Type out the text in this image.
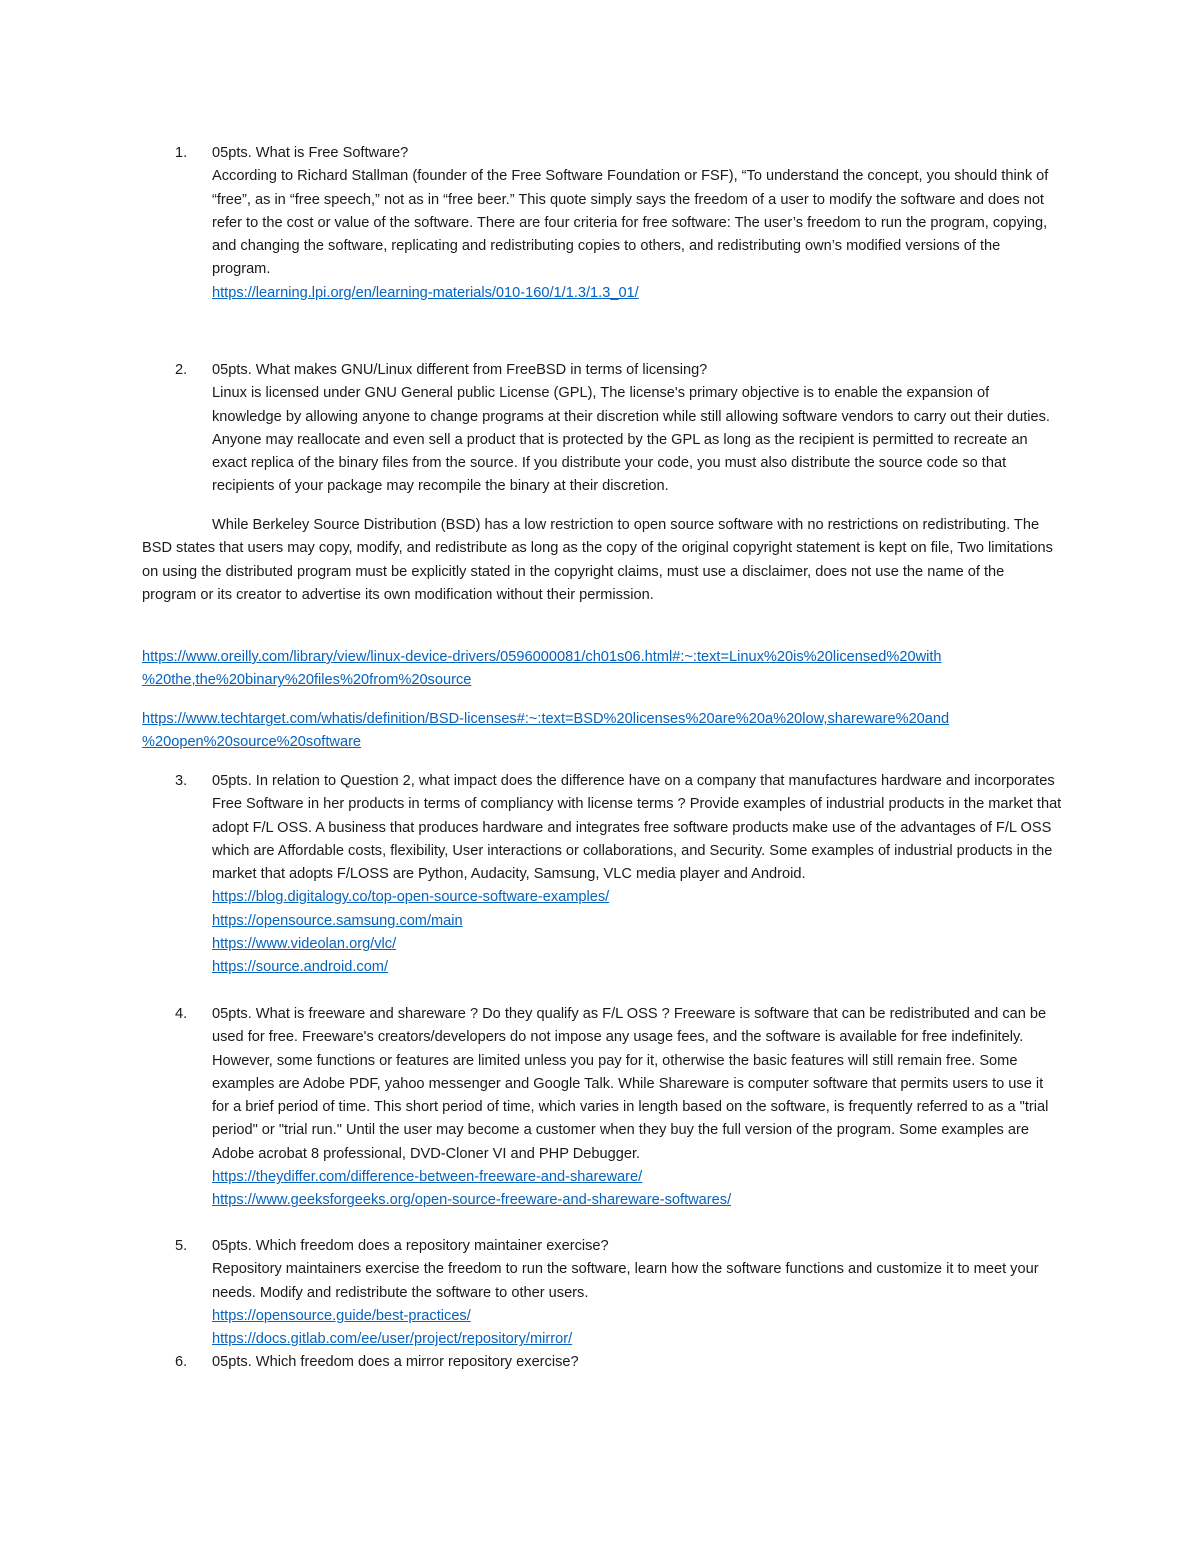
1. 05pts. What is Free Software?

According to Richard Stallman (founder of the Free Software Foundation or FSF), “To understand the concept, you should think of “free”, as in “free speech,” not as in “free beer.” This quote simply says the freedom of a user to modify the software and does not refer to the cost or value of the software. There are four criteria for free software: The user’s freedom to run the program, copying, and changing the software, replicating and redistributing copies to others, and redistributing own’s modified versions of the program.

https://learning.lpi.org/en/learning-materials/010-160/1/1.3/1.3_01/
2. 05pts. What makes GNU/Linux different from FreeBSD in terms of licensing?

Linux is licensed under GNU General public License (GPL), The license's primary objective is to enable the expansion of knowledge by allowing anyone to change programs at their discretion while still allowing software vendors to carry out their duties. Anyone may reallocate and even sell a product that is protected by the GPL as long as the recipient is permitted to recreate an exact replica of the binary files from the source. If you distribute your code, you must also distribute the source code so that recipients of your package may recompile the binary at their discretion.

While Berkeley Source Distribution (BSD) has a low restriction to open source software with no restrictions on redistributing. The BSD states that users may copy, modify, and redistribute as long as the copy of the original copyright statement is kept on file, Two limitations on using the distributed program must be explicitly stated in the copyright claims, must use a disclaimer, does not use the name of the program or its creator to advertise its own modification without their permission.

https://www.oreilly.com/library/view/linux-device-drivers/0596000081/ch01s06.html#:~:text=Linux%20is%20licensed%20with
%20the,the%20binary%20files%20from%20source
https://www.techtarget.com/whatis/definition/BSD-licenses#:~:text=BSD%20licenses%20are%20a%20low,shareware%20and
%20open%20source%20software
3. 05pts. In relation to Question 2, what impact does the difference have on a company that manufactures hardware and incorporates Free Software in her products in terms of compliancy with license terms ? Provide examples of industrial products in the market that adopt F/L OSS. A business that produces hardware and integrates free software products make use of the advantages of F/L OSS which are Affordable costs, flexibility, User interactions or collaborations, and Security. Some examples of industrial products in the market that adopts F/LOSS are Python, Audacity, Samsung, VLC media player and Android.

https://blog.digitalogy.co/top-open-source-software-examples/
https://opensource.samsung.com/main
https://www.videolan.org/vlc/
https://source.android.com/
4. 05pts. What is freeware and shareware ? Do they qualify as F/L OSS ? Freeware is software that can be redistributed and can be used for free. Freeware's creators/developers do not impose any usage fees, and the software is available for free indefinitely. However, some functions or features are limited unless you pay for it, otherwise the basic features will still remain free. Some examples are Adobe PDF, yahoo messenger and Google Talk. While Shareware is computer software that permits users to use it for a brief period of time. This short period of time, which varies in length based on the software, is frequently referred to as a "trial period" or "trial run." Until the user may become a customer when they buy the full version of the program. Some examples are Adobe acrobat 8 professional, DVD-Cloner VI and PHP Debugger.

https://theydiffer.com/difference-between-freeware-and-shareware/
https://www.geeksforgeeks.org/open-source-freeware-and-shareware-softwares/
5. 05pts. Which freedom does a repository maintainer exercise?

Repository maintainers exercise the freedom to run the software, learn how the software functions and customize it to meet your needs. Modify and redistribute the software to other users.

https://opensource.guide/best-practices/
https://docs.gitlab.com/ee/user/project/repository/mirror/
6. 05pts. Which freedom does a mirror repository exercise?
